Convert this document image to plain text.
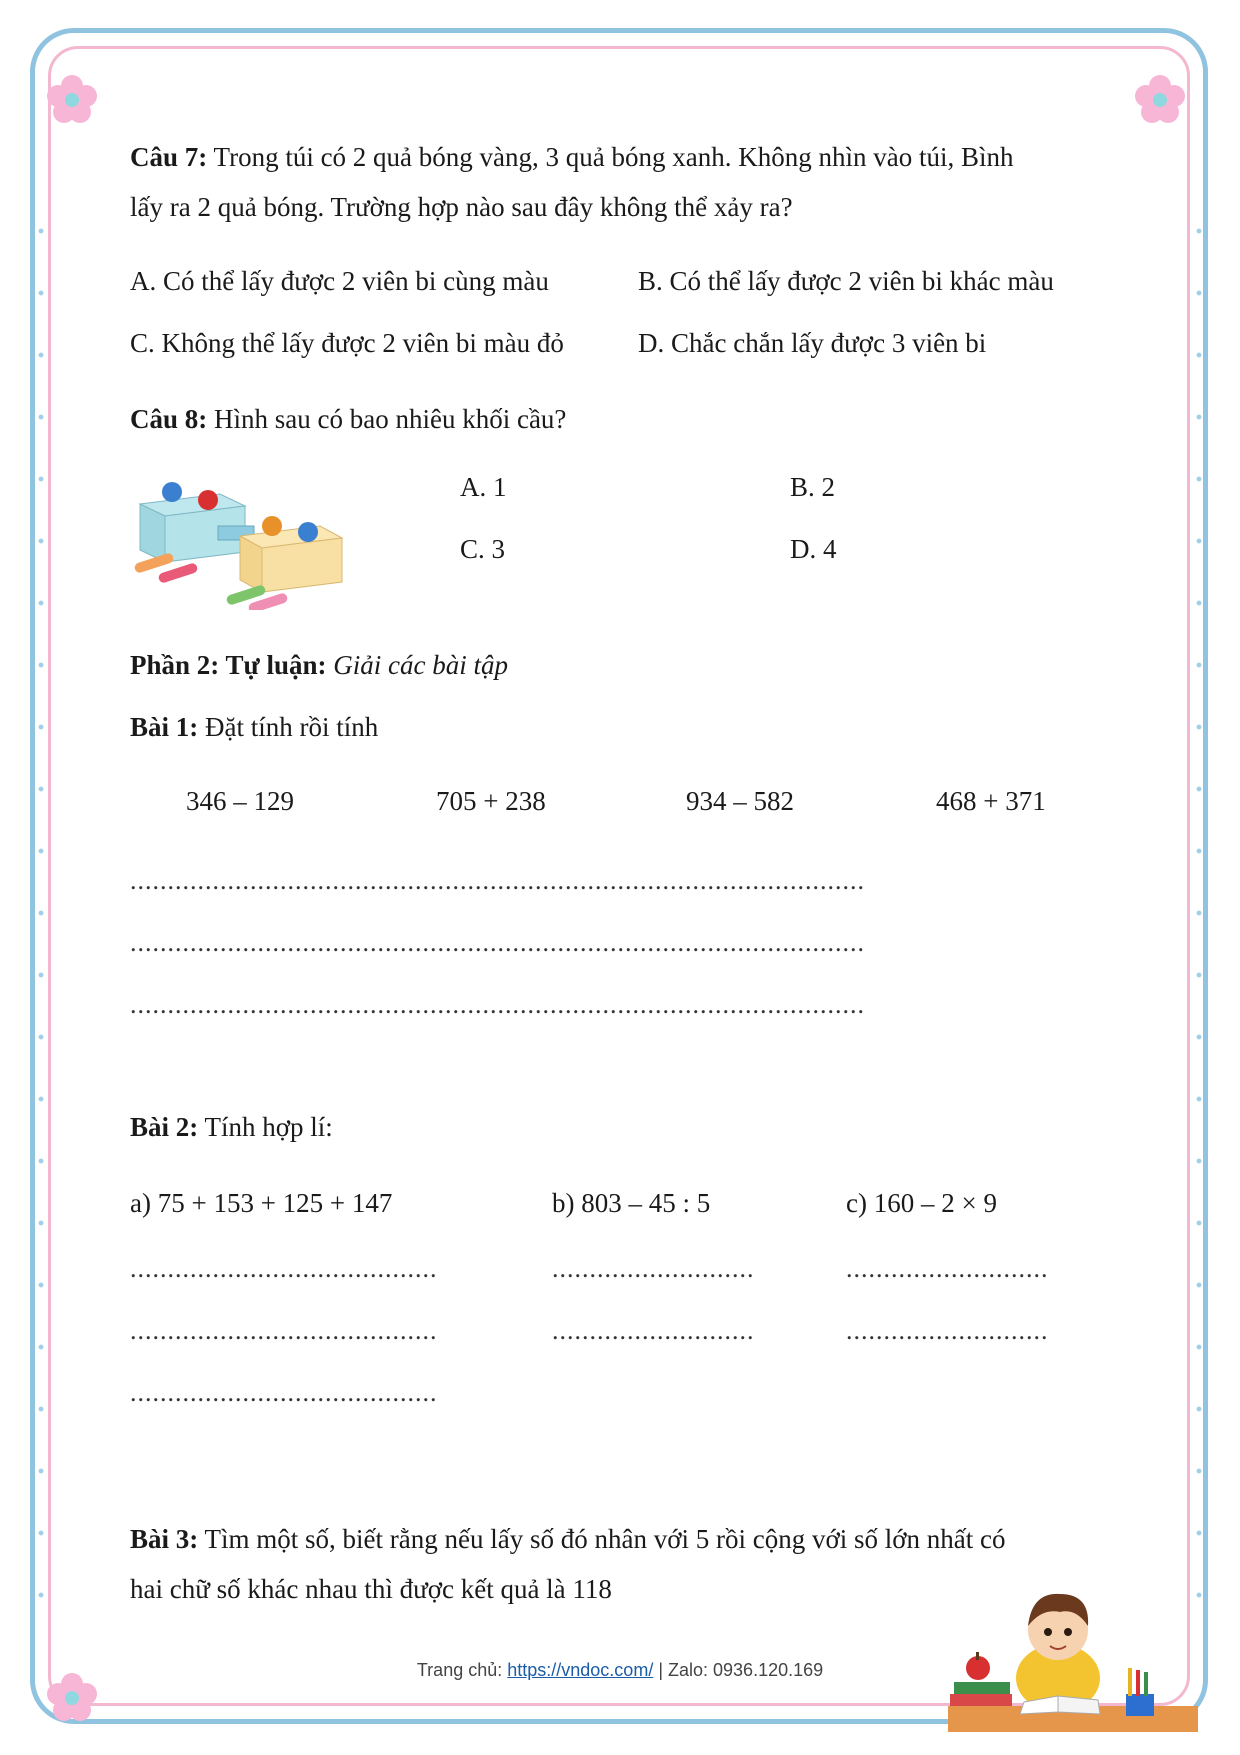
Câu 7: Trong túi có 2 quả bóng vàng, 3 quả bóng xanh. Không nhìn vào túi, Bình
lấy ra 2 quả bóng. Trường hợp nào sau đây không thể xảy ra?
A. Có thể lấy được 2 viên bi cùng màu	B. Có thể lấy được 2 viên bi khác màu
C. Không thể lấy được 2 viên bi màu đỏ	D. Chắc chắn lấy được 3 viên bi
Câu 8: Hình sau có bao nhiêu khối cầu?
A. 1	B. 2
C. 3	D. 4
Phần 2: Tự luận: Giải các bài tập
Bài 1: Đặt tính rồi tính
346 – 129	705 + 238	934 – 582	468 + 371
..................................................................................................
..................................................................................................
..................................................................................................
Bài 2: Tính hợp lí:
a) 75 + 153 + 125 + 147	b) 803 – 45 : 5	c) 160 – 2 × 9
.........................................	...........................	...........................
.........................................	...........................	...........................
.........................................
Bài 3: Tìm một số, biết rằng nếu lấy số đó nhân với 5 rồi cộng với số lớn nhất có
hai chữ số khác nhau thì được kết quả là 118
Trang chủ: https://vndoc.com/ | Zalo: 0936.120.169
